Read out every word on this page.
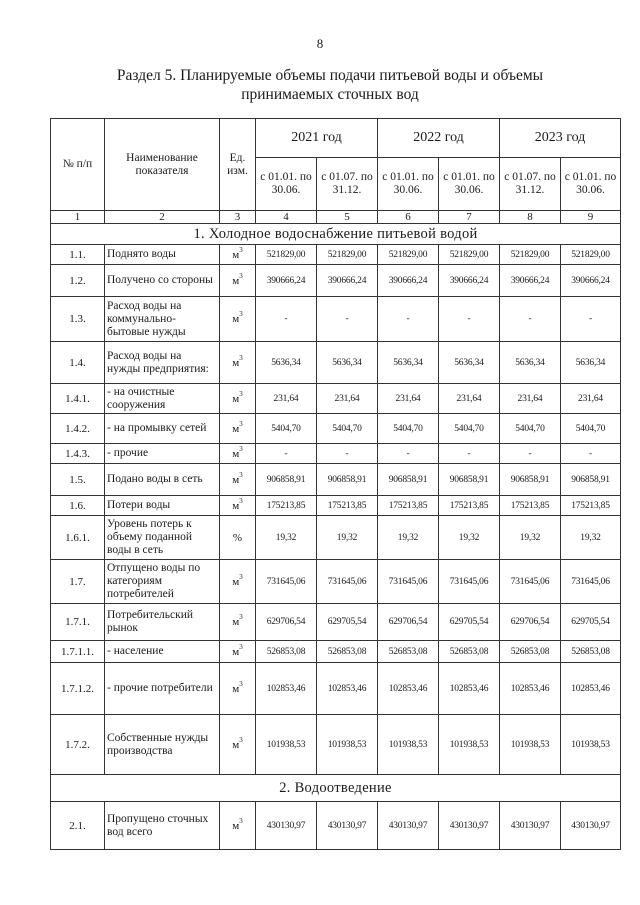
8
Раздел 5. Планируемые объемы подачи питьевой воды и объемы
принимаемых сточных вод
№ п/п	Наименование показателя	Ед. изм.	2021 год		2022 год		2023 год	
			с 01.01. по 30.06.	с 01.07. по 31.12.	с 01.01. по 30.06.	с 01.01. по 30.06.	с 01.07. по 31.12.	с 01.01. по 30.06.
1	2	3	4	5	6	7	8	9
1. Холодное водоснабжение питьевой водой								
1.1.	Поднято воды	$м^3$	521829,00	521829,00	521829,00	521829,00	521829,00	521829,00
1.2.	Получено со стороны	$м^3$	390666,24	390666,24	390666,24	390666,24	390666,24	390666,24
1.3.	Расход воды на коммунально-бытовые нужды	$м^3$	-	-	-	-	-	-
1.4.	Расход воды на нужды предприятия:	$м^3$	5636,34	5636,34	5636,34	5636,34	5636,34	5636,34
1.4.1.	- на очистные сооружения	$м^3$	231,64	231,64	231,64	231,64	231,64	231,64
1.4.2.	- на промывку сетей	$м^3$	5404,70	5404,70	5404,70	5404,70	5404,70	5404,70
1.4.3.	- прочие	$м^3$	-	-	-	-	-	-
1.5.	Подано воды в сеть	$м^3$	906858,91	906858,91	906858,91	906858,91	906858,91	906858,91
1.6.	Потери воды	$м^3$	175213,85	175213,85	175213,85	175213,85	175213,85	175213,85
1.6.1.	Уровень потерь к объему поданной воды в сеть	%	19,32	19,32	19,32	19,32	19,32	19,32
1.7.	Отпущено воды по категориям потребителей	$м^3$	731645,06	731645,06	731645,06	731645,06	731645,06	731645,06
1.7.1.	Потребительский рынок	$м^3$	629706,54	629705,54	629706,54	629705,54	629706,54	629705,54
1.7.1.1.	- население	$м^3$	526853,08	526853,08	526853,08	526853,08	526853,08	526853,08
1.7.1.2.	- прочие потребители	$м^3$	102853,46	102853,46	102853,46	102853,46	102853,46	102853,46
1.7.2.	Собственные нужды производства	$м^3$	101938,53	101938,53	101938,53	101938,53	101938,53	101938,53
2. Водоотведение								
2.1.	Пропущено сточных вод всего	$м^3$	430130,97	430130,97	430130,97	430130,97	430130,97	430130,97
